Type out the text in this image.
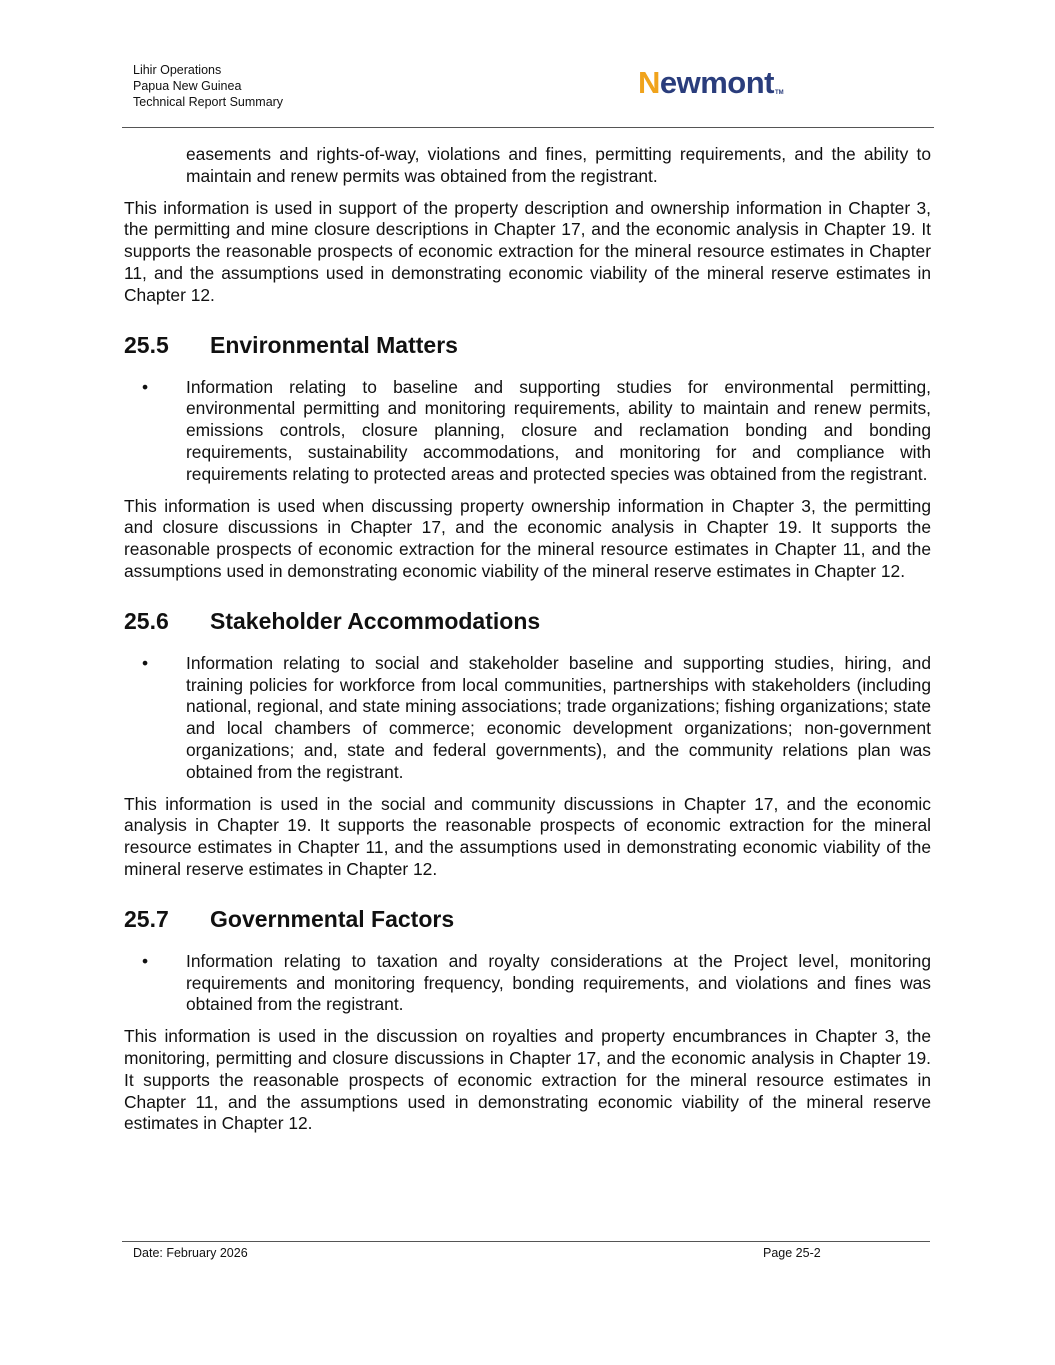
Lihir Operations
Papua New Guinea
Technical Report Summary
Newmont TM

easements and rights-of-way, violations and fines, permitting requirements, and the ability to maintain and renew permits was obtained from the registrant.

This information is used in support of the property description and ownership information in Chapter 3, the permitting and mine closure descriptions in Chapter 17, and the economic analysis in Chapter 19. It supports the reasonable prospects of economic extraction for the mineral resource estimates in Chapter 11, and the assumptions used in demonstrating economic viability of the mineral reserve estimates in Chapter 12.

25.5	Environmental Matters
•	Information relating to baseline and supporting studies for environmental permitting, environmental permitting and monitoring requirements, ability to maintain and renew permits, emissions controls, closure planning, closure and reclamation bonding and bonding requirements, sustainability accommodations, and monitoring for and compliance with requirements relating to protected areas and protected species was obtained from the registrant.

This information is used when discussing property ownership information in Chapter 3, the permitting and closure discussions in Chapter 17, and the economic analysis in Chapter 19. It supports the reasonable prospects of economic extraction for the mineral resource estimates in Chapter 11, and the assumptions used in demonstrating economic viability of the mineral reserve estimates in Chapter 12.

25.6	Stakeholder Accommodations
•	Information relating to social and stakeholder baseline and supporting studies, hiring, and training policies for workforce from local communities, partnerships with stakeholders (including national, regional, and state mining associations; trade organizations; fishing organizations; state and local chambers of commerce; economic development organizations; non-government organizations; and, state and federal governments), and the community relations plan was obtained from the registrant.

This information is used in the social and community discussions in Chapter 17, and the economic analysis in Chapter 19. It supports the reasonable prospects of economic extraction for the mineral resource estimates in Chapter 11, and the assumptions used in demonstrating economic viability of the mineral reserve estimates in Chapter 12.

25.7	Governmental Factors
•	Information relating to taxation and royalty considerations at the Project level, monitoring requirements and monitoring frequency, bonding requirements, and violations and fines was obtained from the registrant.

This information is used in the discussion on royalties and property encumbrances in Chapter 3, the monitoring, permitting and closure discussions in Chapter 17, and the economic analysis in Chapter 19. It supports the reasonable prospects of economic extraction for the mineral resource estimates in Chapter 11, and the assumptions used in demonstrating economic viability of the mineral reserve estimates in Chapter 12.

Date: February 2026	Page 25-2
